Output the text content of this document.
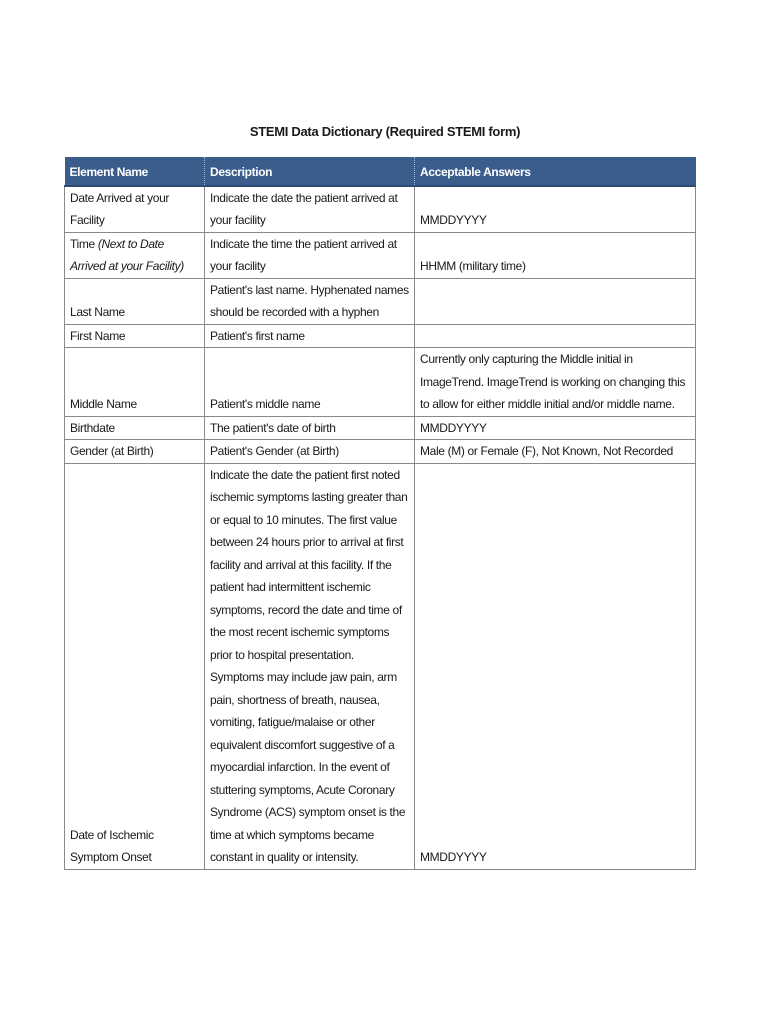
STEMI Data Dictionary (Required STEMI form)
Element Name	Description	Acceptable Answers
Date Arrived at your Facility	Indicate the date the patient arrived at your facility	MMDDYYYY
Time (Next to Date Arrived at your Facility)	Indicate the time the patient arrived at your facility	HHMM (military time)
Last Name	Patient's last name. Hyphenated names should be recorded with a hyphen	
First Name	Patient's first name	
Middle Name	Patient's middle name	Currently only capturing the Middle initial in ImageTrend. ImageTrend is working on changing this to allow for either middle initial and/or middle name.
Birthdate	The patient's date of birth	MMDDYYYY
Gender (at Birth)	Patient's Gender (at Birth)	Male (M) or Female (F), Not Known, Not Recorded
Date of Ischemic Symptom Onset	Indicate the date the patient first noted ischemic symptoms lasting greater than or equal to 10 minutes. The first value between 24 hours prior to arrival at first facility and arrival at this facility. If the patient had intermittent ischemic symptoms, record the date and time of the most recent ischemic symptoms prior to hospital presentation. Symptoms may include jaw pain, arm pain, shortness of breath, nausea, vomiting, fatigue/malaise or other equivalent discomfort suggestive of a myocardial infarction. In the event of stuttering symptoms, Acute Coronary Syndrome (ACS) symptom onset is the time at which symptoms became constant in quality or intensity.	MMDDYYYY
